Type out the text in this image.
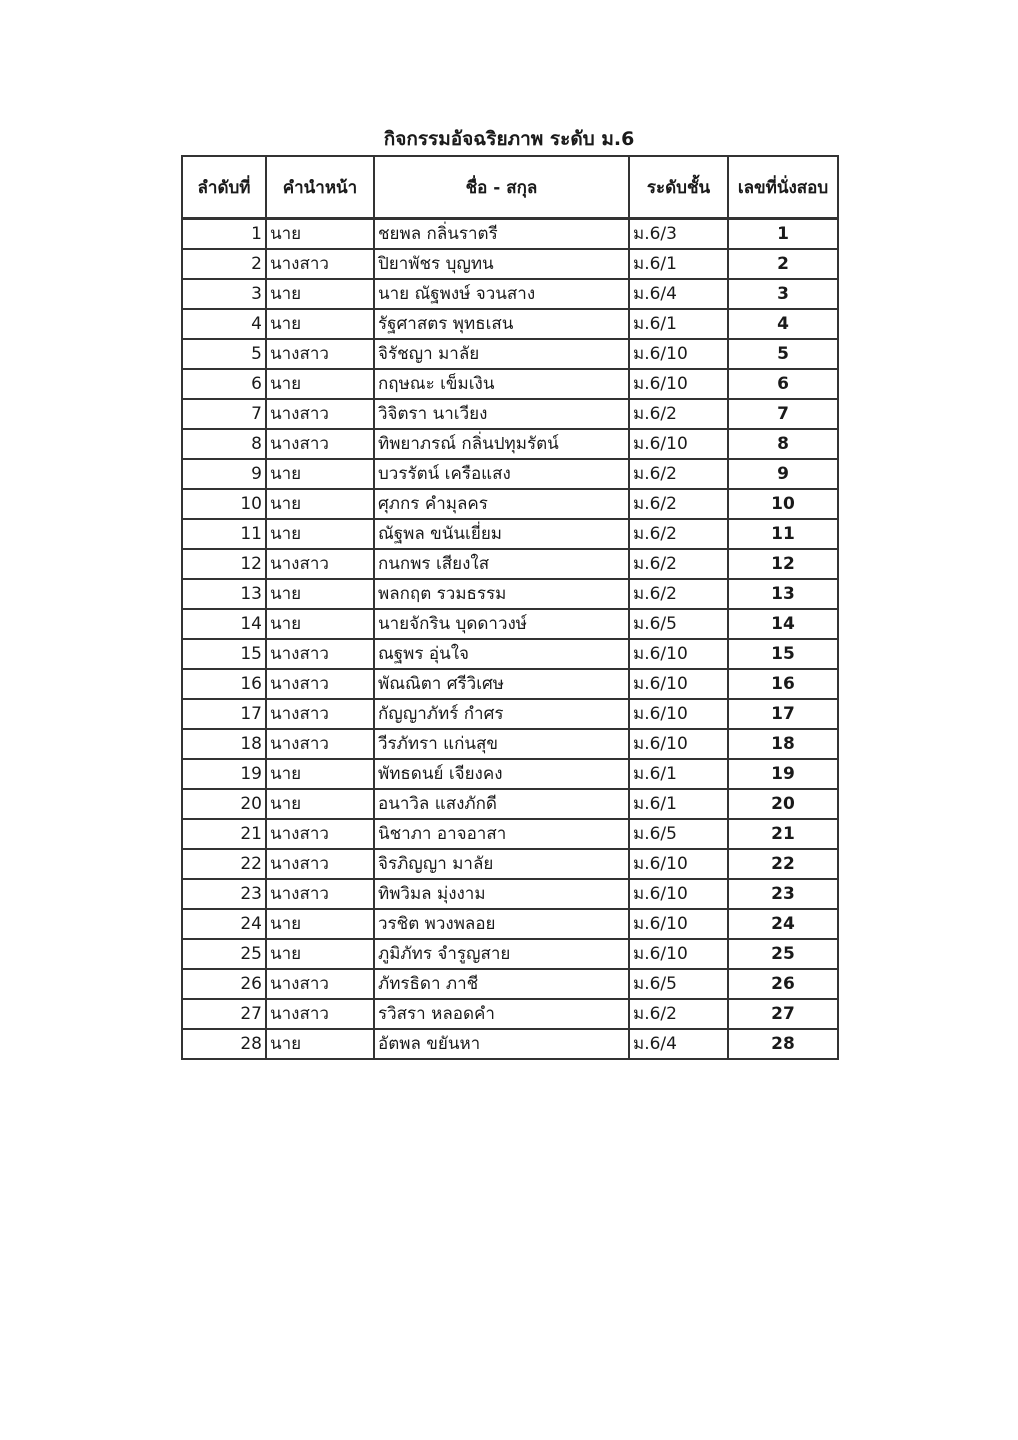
กิจกรรมอัจฉริยภาพ ระดับ ม.6
ลำดับที่	คำนำหน้า	ชื่อ - สกุล	ระดับชั้น	เลขที่นั่งสอบ
1	นาย	ชยพล กลิ่นราตรี	ม.6/3	1
2	นางสาว	ปิยาพัชร บุญทน	ม.6/1	2
3	นาย	นาย ณัฐพงษ์ จวนสาง	ม.6/4	3
4	นาย	รัฐศาสตร พุทธเสน	ม.6/1	4
5	นางสาว	จิรัชญา มาลัย	ม.6/10	5
6	นาย	กฤษณะ เข็มเงิน	ม.6/10	6
7	นางสาว	วิจิตรา นาเวียง	ม.6/2	7
8	นางสาว	ทิพยาภรณ์ กลิ่นปทุมรัตน์	ม.6/10	8
9	นาย	บวรรัตน์ เครือแสง	ม.6/2	9
10	นาย	ศุภกร คำมุลคร	ม.6/2	10
11	นาย	ณัฐพล ขนันเยี่ยม	ม.6/2	11
12	นางสาว	กนกพร เสียงใส	ม.6/2	12
13	นาย	พลกฤต รวมธรรม	ม.6/2	13
14	นาย	นายจักริน บุดดาวงษ์	ม.6/5	14
15	นางสาว	ณฐพร อุ่นใจ	ม.6/10	15
16	นางสาว	พัณณิตา ศรีวิเศษ	ม.6/10	16
17	นางสาว	กัญญาภัทร์ กำศร	ม.6/10	17
18	นางสาว	วีรภัทรา แก่นสุข	ม.6/10	18
19	นาย	พัทธดนย์ เจียงคง	ม.6/1	19
20	นาย	อนาวิล แสงภักดี	ม.6/1	20
21	นางสาว	นิชาภา อาจอาสา	ม.6/5	21
22	นางสาว	จิรภิญญา มาลัย	ม.6/10	22
23	นางสาว	ทิพวิมล มุ่งงาม	ม.6/10	23
24	นาย	วรชิต พวงพลอย	ม.6/10	24
25	นาย	ภูมิภัทร จำรูญสาย	ม.6/10	25
26	นางสาว	ภัทรธิดา ภาชี	ม.6/5	26
27	นางสาว	รวิสรา หลอดคำ	ม.6/2	27
28	นาย	อัตพล ขยันหา	ม.6/4	28
